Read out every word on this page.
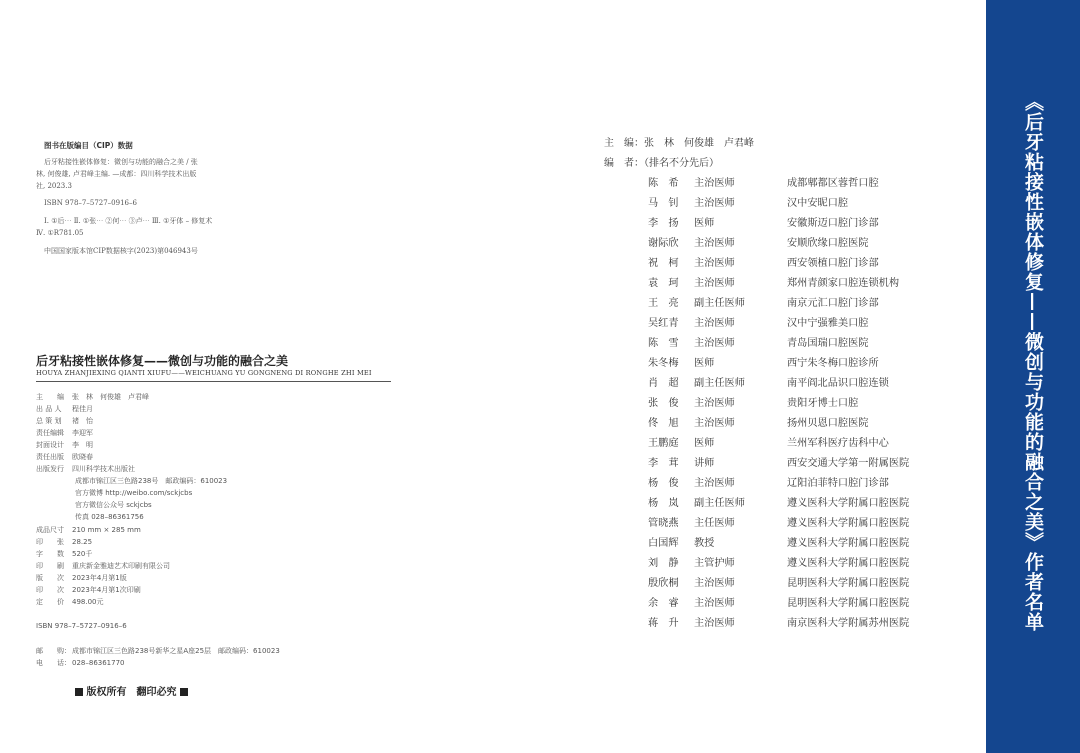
图书在版编目（CIP）数据
后牙粘接性嵌体修复：微创与功能的融合之美 / 张
林, 何俊雄, 卢君峰主编. —成都：四川科学技术出版
社, 2023.3
ISBN 978–7–5727–0916–6
Ⅰ. ①后⋯ Ⅱ. ①张⋯ ②何⋯ ③卢⋯ Ⅲ. ①牙体 – 修复术
Ⅳ. ①R781.05
中国国家版本馆CIP数据核字(2023)第046943号
后牙粘接性嵌体修复——微创与功能的融合之美
HOUYA ZHANJIEXING QIANTI XIUFU——WEICHUANG YU GONGNENG DI RONGHE ZHI MEI
主　　编 张　林　何俊雄　卢君峰
出 品 人 程佳月
总 策 划 褚　怡
责任编辑 李迎军
封面设计 李　明
责任出版 欧晓春
出版发行 四川科学技术出版社
成都市锦江区三色路238号　邮政编码：610023
官方微博 http://weibo.com/sckjcbs
官方微信公众号 sckjcbs
传真 028–86361756
成品尺寸 210 mm × 285 mm
印　　张 28.25
字　　数 520千
印　　刷 重庆新金雅迪艺术印刷有限公司
版　　次 2023年4月第1版
印　　次 2023年4月第1次印刷
定　　价 498.00元
ISBN 978–7–5727–0916–6
邮　　购：成都市锦江区三色路238号新华之星A座25层　邮政编码：610023
电　　话：028–86361770
版权所有　翻印必究
主　编：张　林　何俊雄　卢君峰
编　者：（排名不分先后）
陈　希 主治医师	成都郫都区蓉哲口腔
马　钊 主治医师	汉中安昵口腔
李　扬 医师	安徽斯迈口腔门诊部
谢际欣 主治医师	安顺欣缘口腔医院
祝　柯 主治医师	西安领植口腔门诊部
袁　珂 主治医师	郑州青颜家口腔连锁机构
王　亮 副主任医师	南京元汇口腔门诊部
吴红青 主治医师	汉中宁强雅美口腔
陈　雪 主治医师	青岛国瑞口腔医院
朱冬梅 医师	西宁朱冬梅口腔诊所
肖　超 副主任医师	南平阎北品识口腔连锁
张　俊 主治医师	贵阳牙博士口腔
佟　旭 主治医师	扬州贝恩口腔医院
王鹏庭 医师	兰州军科医疗齿科中心
李　茸 讲师	西安交通大学第一附属医院
杨　俊 主治医师	辽阳泊菲特口腔门诊部
杨　岚 副主任医师	遵义医科大学附属口腔医院
管晓燕 主任医师	遵义医科大学附属口腔医院
白国辉 教授	遵义医科大学附属口腔医院
刘　静 主管护师	遵义医科大学附属口腔医院
殷欣桐 主治医师	昆明医科大学附属口腔医院
余　睿 主治医师	昆明医科大学附属口腔医院
蒋　升 主治医师	南京医科大学附属苏州医院	《后牙粘接性嵌体修复——微创与功能的融合之美》作者名单
